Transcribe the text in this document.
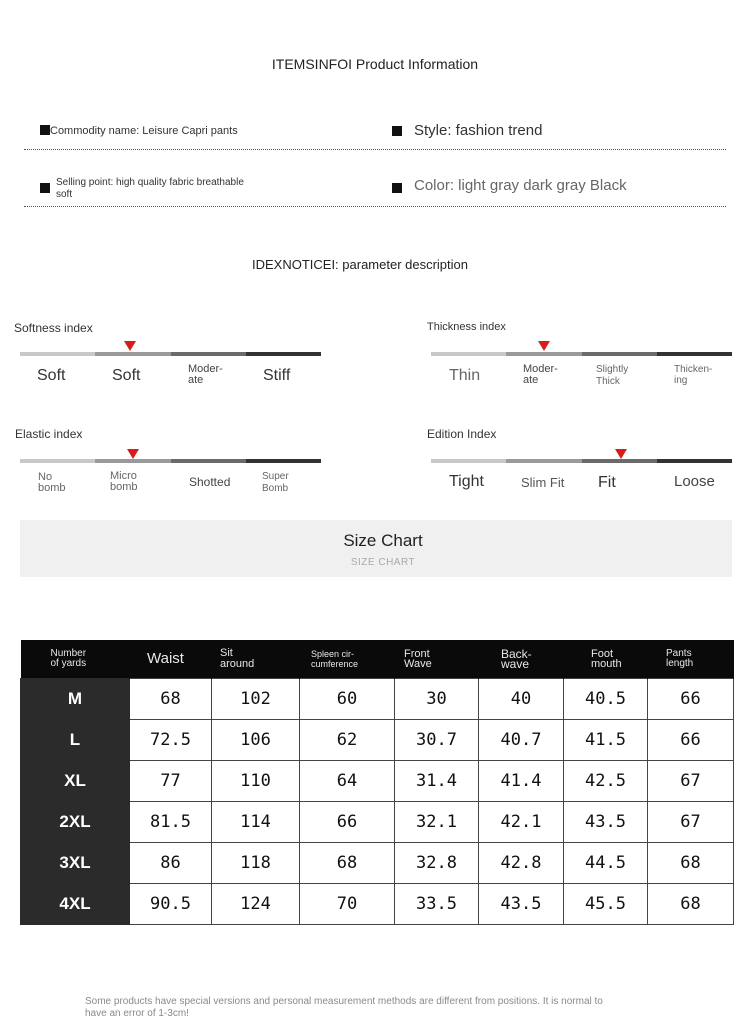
ITEMSINFOI Product Information
Commodity name: Leisure Capri pants	Style: fashion trend
Selling point: high quality fabric breathable
soft
Color: light gray dark gray Black
IDEXNOTICEI: parameter description
Softness index
Soft	Soft	Moder-
ate	Stiff
Thickness index
Thin	Moder-
ate
Slightly
Thick
Thicken-
ing
Elastic index
No
bomb
Micro
bomb	Shotted	Super
Bomb
Edition Index
Tight	Slim Fit Fit	Loose
Size Chart
SIZE CHART
Number
of yards	Waist	Sit
around	Spleen cir-
cumference	Front
Wave	Back-
wave	Foot
mouth	Pants
length

M	68	102	60	30	40	40.5	66
L	72.5	106	62	30.7	40.7	41.5	66
XL	77	110	64	31.4	41.4	42.5	67
2XL	81.5	114	66	32.1	42.1	43.5	67
3XL	86	118	68	32.8	42.8	44.5	68
4XL	90.5	124	70	33.5	43.5	45.5	68
Some products have special versions and personal measurement methods are different from positions. It is normal to
have an error of 1-3cm!
